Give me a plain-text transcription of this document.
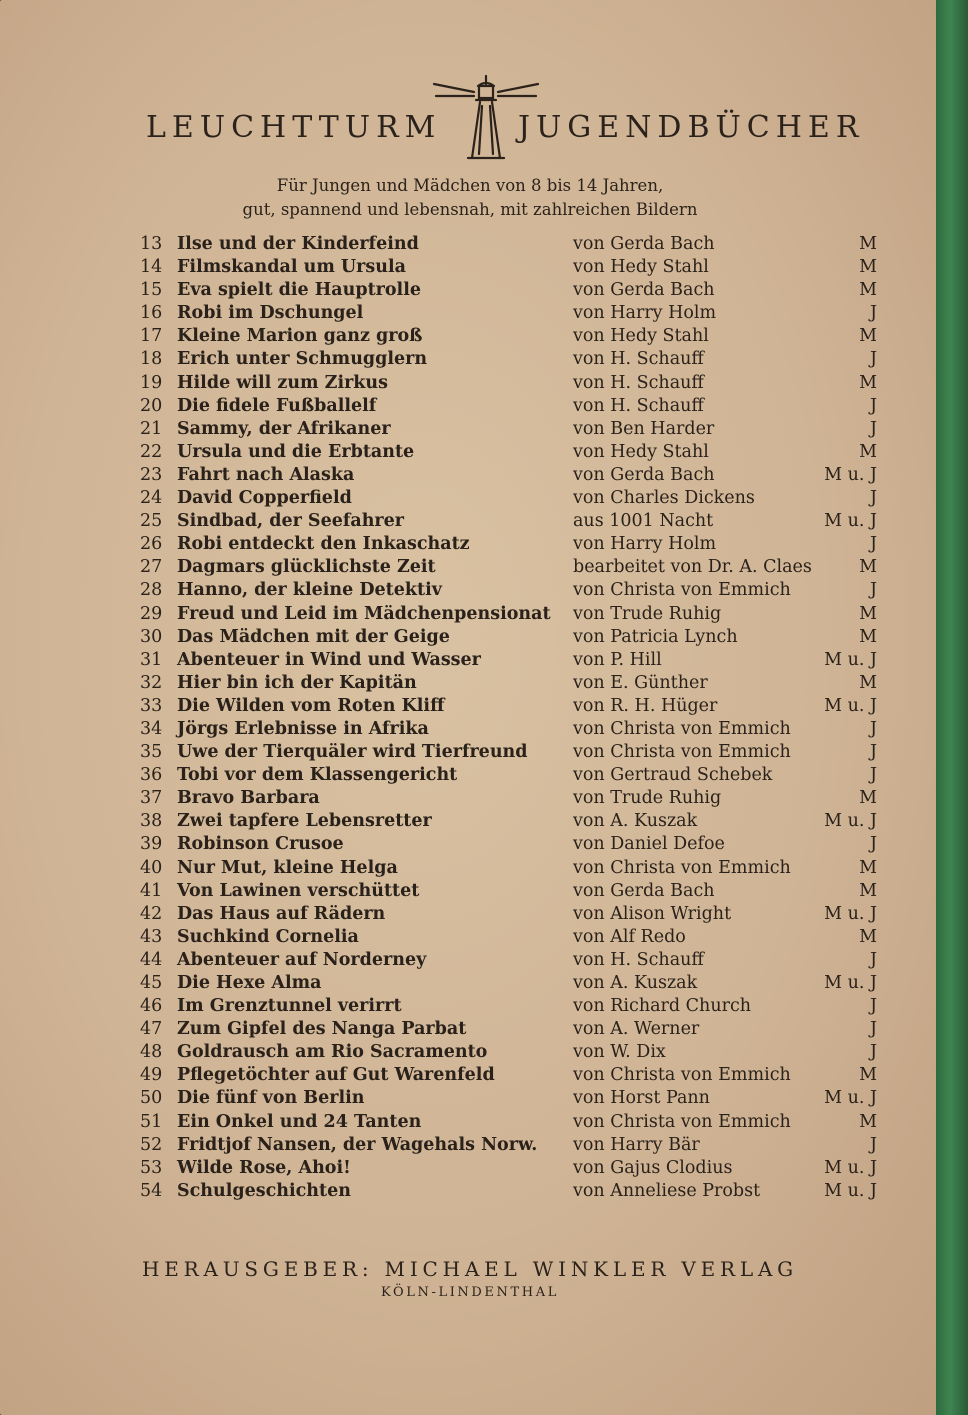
LEUCHTTURM	JUGENDBÜCHER
Für Jungen und Mädchen von 8 bis 14 Jahren,
gut, spannend und lebensnah, mit zahlreichen Bildern
13 Ilse und der Kinderfeind	von Gerda Bach	M
14 Filmskandal um Ursula	von Hedy Stahl	M
15 Eva spielt die Hauptrolle	von Gerda Bach	M
16 Robi im Dschungel	von Harry Holm	J
17 Kleine Marion ganz groß	von Hedy Stahl	M
18 Erich unter Schmugglern	von H. Schauff	J
19 Hilde will zum Zirkus	von H. Schauff	M
20 Die fidele Fußballelf	von H. Schauff	J
21 Sammy, der Afrikaner	von Ben Harder	J
22 Ursula und die Erbtante	von Hedy Stahl	M
23 Fahrt nach Alaska	von Gerda Bach	M u. J
24 David Copperfield	von Charles Dickens	J
25 Sindbad, der Seefahrer	aus 1001 Nacht	M u. J
26 Robi entdeckt den Inkaschatz	von Harry Holm	J
27 Dagmars glücklichste Zeit	bearbeitet von Dr. A. Claes	M
28 Hanno, der kleine Detektiv	von Christa von Emmich	J
29 Freud und Leid im Mädchenpensionat von Trude Ruhig	M
30 Das Mädchen mit der Geige	von Patricia Lynch	M
31 Abenteuer in Wind und Wasser	von P. Hill	M u. J
32 Hier bin ich der Kapitän	von E. Günther	M
33 Die Wilden vom Roten Kliff	von R. H. Hüger	M u. J
34 Jörgs Erlebnisse in Afrika	von Christa von Emmich	J
35 Uwe der Tierquäler wird Tierfreund	von Christa von Emmich	J
36 Tobi vor dem Klassengericht	von Gertraud Schebek	J
37 Bravo Barbara	von Trude Ruhig	M
38 Zwei tapfere Lebensretter	von A. Kuszak	M u. J
39 Robinson Crusoe	von Daniel Defoe	J
40 Nur Mut, kleine Helga	von Christa von Emmich	M
41 Von Lawinen verschüttet	von Gerda Bach	M
42 Das Haus auf Rädern	von Alison Wright	M u. J
43 Suchkind Cornelia	von Alf Redo	M
44 Abenteuer auf Norderney	von H. Schauff	J
45 Die Hexe Alma	von A. Kuszak	M u. J
46 Im Grenztunnel verirrt	von Richard Church	J
47 Zum Gipfel des Nanga Parbat	von A. Werner	J
48 Goldrausch am Rio Sacramento	von W. Dix	J
49 Pflegetöchter auf Gut Warenfeld	von Christa von Emmich	M
50 Die fünf von Berlin	von Horst Pann	M u. J
51 Ein Onkel und 24 Tanten	von Christa von Emmich	M
52 Fridtjof Nansen, der Wagehals Norw. von Harry Bär	J
53 Wilde Rose, Ahoi!	von Gajus Clodius	M u. J
54 Schulgeschichten	von Anneliese Probst	M u. J
HERAUSGEBER: MICHAEL WINKLER VERLAG
KÖLN-LINDENTHAL
